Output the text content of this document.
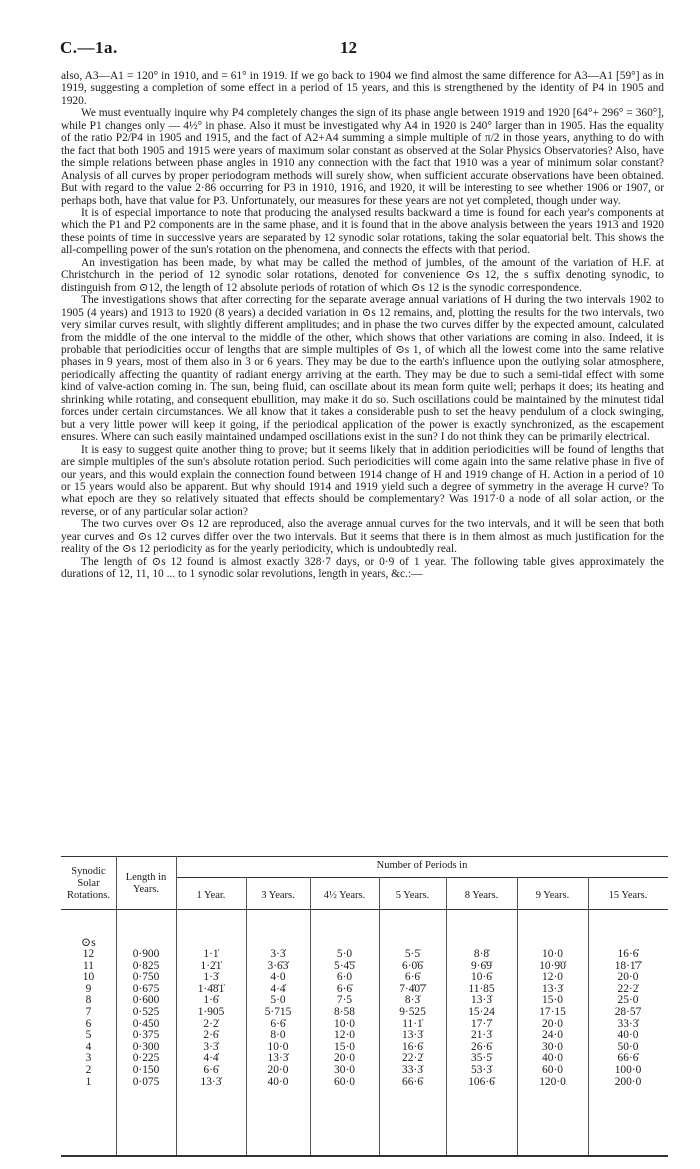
C.—1a.	12

also, A3—A1 = 120° in 1910, and = 61° in 1919. If we go back to 1904 we find almost the same difference for A3—A1 [59°] as in 1919, suggesting a completion of some effect in a period of 15 years, and this is strengthened by the identity of P4 in 1905 and 1920.

We must eventually inquire why P4 completely changes the sign of its phase angle between 1919 and 1920 [64°+ 296° = 360°], while P1 changes only — 4½° in phase. Also it must be investigated why A4 in 1920 is 240° larger than in 1905. Has the equality of the ratio P2/P4 in 1905 and 1915, and the fact of A2+A4 summing a simple multiple of π/2 in those years, anything to do with the fact that both 1905 and 1915 were years of maximum solar constant as observed at the Solar Physics Observatories? Also, have the simple relations between phase angles in 1910 any connection with the fact that 1910 was a year of minimum solar constant? Analysis of all curves by proper periodogram methods will surely show, when sufficient accurate observations have been obtained. But with regard to the value 2·86 occurring for P3 in 1910, 1916, and 1920, it will be interesting to see whether 1906 or 1907, or perhaps both, have that value for P3. Unfortunately, our measures for these years are not yet completed, though under way.

It is of especial importance to note that producing the analysed results backward a time is found for each year's components at which the P1 and P2 components are in the same phase, and it is found that in the above analysis between the years 1913 and 1920 these points of time in successive years are separated by 12 synodic solar rotations, taking the solar equatorial belt. This shows the all-compelling power of the sun's rotation on the phenomena, and connects the effects with that period.

An investigation has been made, by what may be called the method of jumbles, of the amount of the variation of H.F. at Christchurch in the period of 12 synodic solar rotations, denoted for convenience ⊙s 12, the s suffix denoting synodic, to distinguish from ⊙12, the length of 12 absolute periods of rotation of which ⊙s 12 is the synodic correspondence.

The investigations shows that after correcting for the separate average annual variations of H during the two intervals 1902 to 1905 (4 years) and 1913 to 1920 (8 years) a decided variation in ⊙s 12 remains, and, plotting the results for the two intervals, two very similar curves result, with slightly different amplitudes; and in phase the two curves differ by the expected amount, calculated from the middle of the one interval to the middle of the other, which shows that other variations are coming in also. Indeed, it is probable that periodicities occur of lengths that are simple multiples of ⊙s 1, of which all the lowest come into the same relative phases in 9 years, most of them also in 3 or 6 years. They may be due to the earth's influence upon the outlying solar atmosphere, periodically affecting the quantity of radiant energy arriving at the earth. They may be due to such a semi-tidal effect with some kind of valve-action coming in. The sun, being fluid, can oscillate about its mean form quite well; perhaps it does; its heating and shrinking while rotating, and consequent ebullition, may make it do so. Such oscillations could be maintained by the minutest tidal forces under certain circumstances. We all know that it takes a considerable push to set the heavy pendulum of a clock swinging, but a very little power will keep it going, if the periodical application of the power is exactly synchronized, as the escapement ensures. Where can such easily maintained undamped oscillations exist in the sun? I do not think they can be primarily electrical.

It is easy to suggest quite another thing to prove; but it seems likely that in addition periodicities will be found of lengths that are simple multiples of the sun's absolute rotation period. Such periodicities will come again into the same relative phase in five of our years, and this would explain the connection found between 1914 change of H and 1919 change of H. Action in a period of 10 or 15 years would also be apparent. But why should 1914 and 1919 yield such a degree of symmetry in the average H curve? To what epoch are they so relatively situated that effects should be complementary? Was 1917·0 a node of all solar action, or the reverse, or of any particular solar action?

The two curves over ⊙s 12 are reproduced, also the average annual curves for the two intervals, and it will be seen that both year curves and ⊙s 12 curves differ over the two intervals. But it seems that there is in them almost as much justification for the reality of the ⊙s 12 periodicity as for the yearly periodicity, which is undoubtedly real.

The length of ⊙s 12 found is almost exactly 328·7 days, or 0·9 of 1 year. The following table gives approximately the durations of 12, 11, 10 ... to 1 synodic solar revolutions, length in years, &c.:—

Synodic Solar Rotations.
Length in Years.
Number of Periods in
1 Year.	3 Years.	4½ Years.	5 Years.	8 Years.	9 Years.	15 Years.
⊙s
12	0·900	1·1̇	3·3̇	5·0	5·5̇	8·8̇	10·0	16·6̇
11	0·825	1·2̇1̇	3·6̇3̇	5·4̇5̇	6·0̇6̇	9·6̇9̇	10·9̇0̇	18·1̇7̇
10	0·750	1·3̇	4·0	6·0	6·6̇	10·6̇	12·0	20·0
9	0·675	1·4̇8̇1̇	4·4̇	6·6̇	7·4̇0̇7̇	11·85	13·3̇	22·2̇
8	0·600	1·6̇	5·0	7·5	8·3̇	13·3̇	15·0	25·0
7	0·525	1·905	5·715	8·58	9·525	15·24	17·15	28·57
6	0·450	2·2̇	6·6̇	10·0	11·1̇	17·7̇	20·0	33·3̇
5	0·375	2·6̇	8·0	12·0	13·3̇	21·3̇	24·0	40·0
4	0·300	3·3̇	10·0	15·0	16·6̇	26·6̇	30·0	50·0
3	0·225	4·4̇	13·3̇	20·0	22·2̇	35·5̇	40·0	66·6̇
2	0·150	6·6̇	20·0	30·0	33·3̇	53·3̇	60·0	100·0
1	0·075	13·3̇	40·0	60·0	66·6̇	106·6̇	120·0	200·0
